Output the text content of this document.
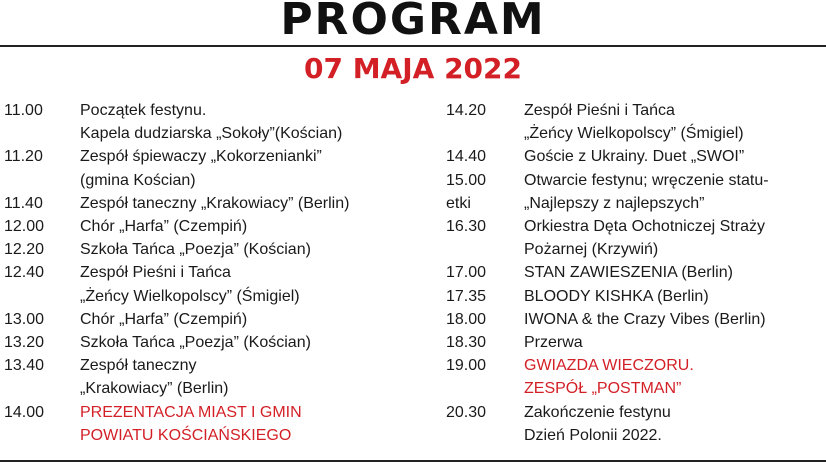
PROGRAM
07 MAJA 2022
11.00	Początek festynu.
Kapela dudziarska „Sokoły”(Kościan)
11.20	Zespół śpiewaczy „Kokorzenianki”
(gmina Kościan)
11.40	Zespół taneczny „Krakowiacy” (Berlin)
12.00	Chór „Harfa” (Czempiń)
12.20	Szkoła Tańca „Poezja” (Kościan)
12.40	Zespół Pieśni i Tańca
„Żeńcy Wielkopolscy” (Śmigiel)
13.00	Chór „Harfa” (Czempiń)
13.20	Szkoła Tańca „Poezja” (Kościan)
13.40	Zespół taneczny
„Krakowiacy” (Berlin)
14.00	PREZENTACJA MIAST I GMIN
POWIATU KOŚCIAŃSKIEGO
14.20	Zespół Pieśni i Tańca
„Żeńcy Wielkopolscy” (Śmigiel)
14.40	Goście z Ukrainy. Duet „SWOI”
15.00	Otwarcie festynu; wręczenie statu-
etki	„Najlepszy z najlepszych”
16.30	Orkiestra Dęta Ochotniczej Straży
Pożarnej (Krzywiń)
17.00	STAN ZAWIESZENIA (Berlin)
17.35	BLOODY KISHKA (Berlin)
18.00	IWONA & the Crazy Vibes (Berlin)
18.30	Przerwa
19.00	GWIAZDA WIECZORU.
ZESPÓŁ „POSTMAN”
20.30	Zakończenie festynu
Dzień Polonii 2022.
